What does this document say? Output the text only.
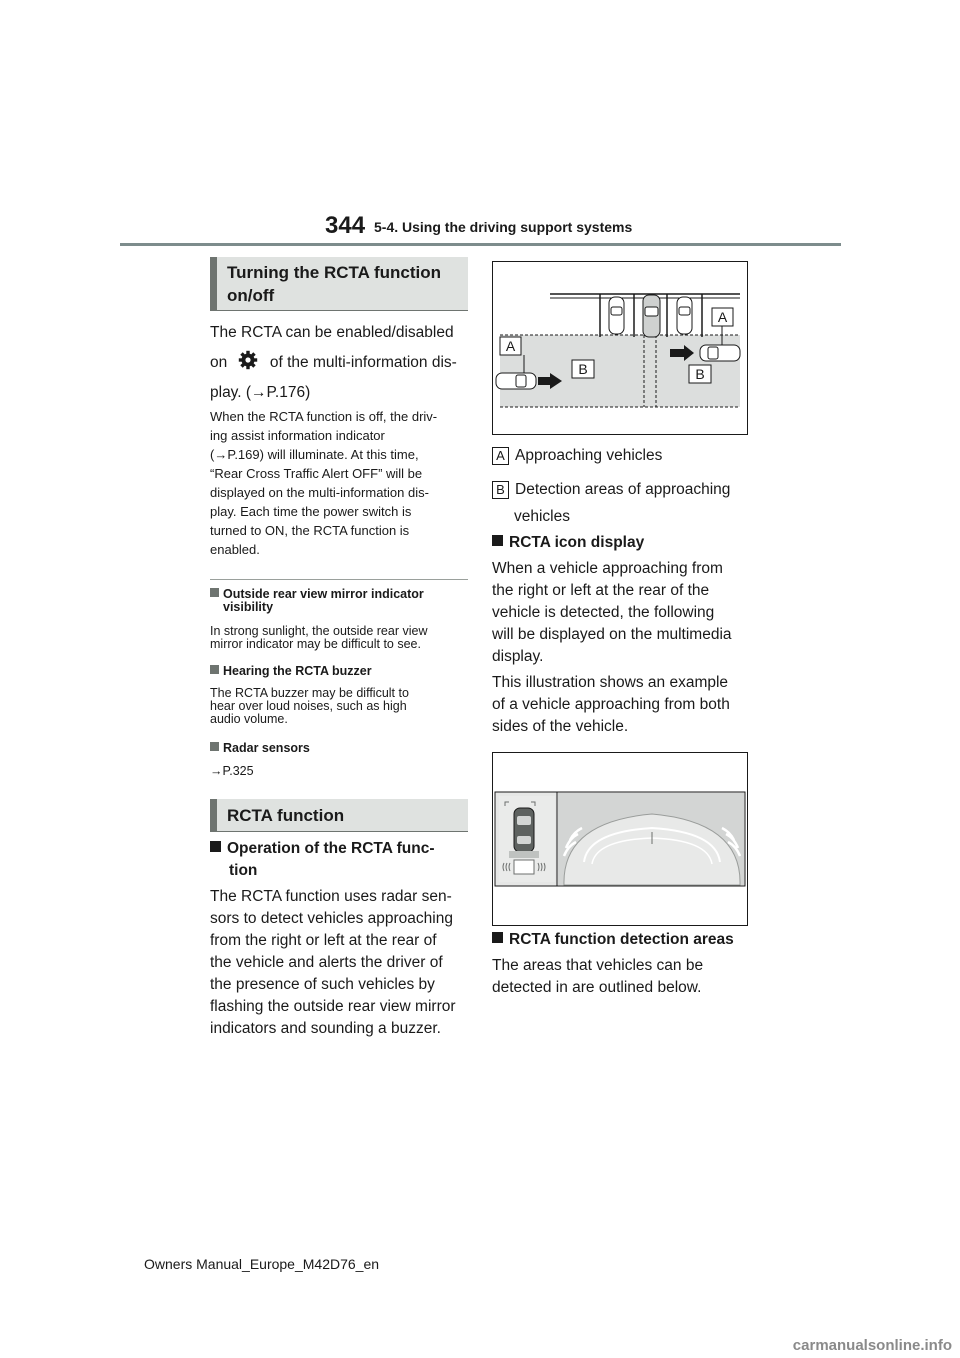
344 5-4. Using the driving support systems
Turning the RCTA function
on/off
The RCTA can be enabled/disabled
on	of the multi-information dis-
play. (→P.176)
When the RCTA function is off, the driv-
ing assist information indicator
(→P.169) will illuminate. At this time,
“Rear Cross Traffic Alert OFF” will be
displayed on the multi-information dis-
play. Each time the power switch is
turned to ON, the RCTA function is
enabled.
Outside rear view mirror indicator
visibility
In strong sunlight, the outside rear view
mirror indicator may be difficult to see.
Hearing the RCTA buzzer
The RCTA buzzer may be difficult to
hear over loud noises, such as high
audio volume.
Radar sensors
→P.325
RCTA function
Operation of the RCTA func-
tion
The RCTA function uses radar sen-
sors to detect vehicles approaching
from the right or left at the rear of
the vehicle and alerts the driver of
the presence of such vehicles by
flashing the outside rear view mirror
indicators and sounding a buzzer.
A
A
B	B
A Approaching vehicles
B Detection areas of approaching
vehicles
RCTA icon display
When a vehicle approaching from
the right or left at the rear of the
vehicle is detected, the following
will be displayed on the multimedia
display.
This illustration shows an example
of a vehicle approaching from both
sides of the vehicle.
RCTA function detection areas
The areas that vehicles can be
detected in are outlined below.
Owners Manual_Europe_M42D76_en
carmanualsonline.info
